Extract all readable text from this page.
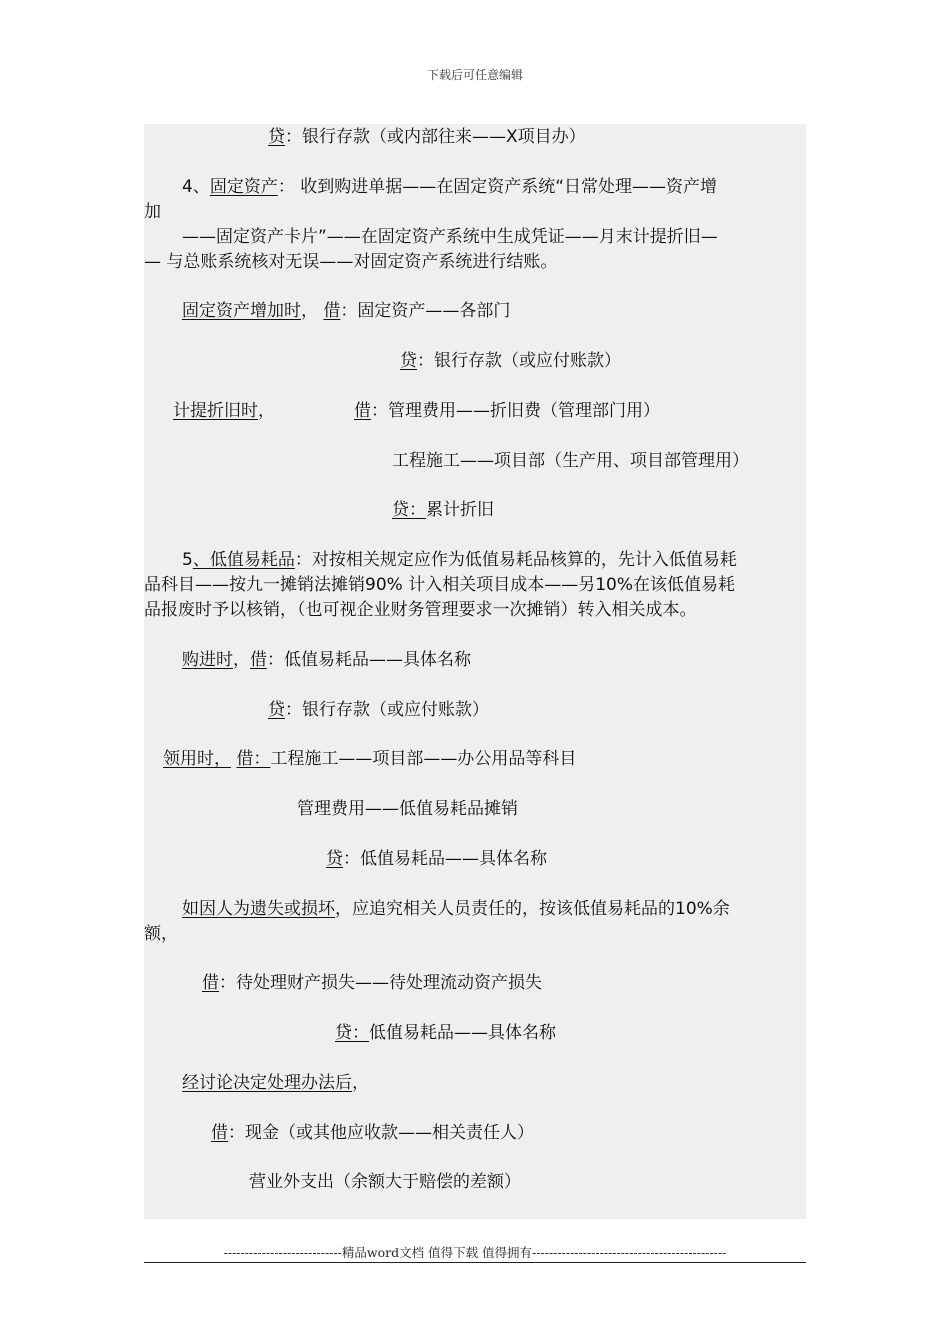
下载后可任意编辑
贷：银行存款（或内部往来——X项目办）
4、固定资产： 收到购进单据——在固定资产系统“日常处理——资产增
加
——固定资产卡片”——在固定资产系统中生成凭证——月末计提折旧—
— 与总账系统核对无误——对固定资产系统进行结账。
固定资产增加时， 借：固定资产——各部门
贷：银行存款（或应付账款）
计提折旧时，	借：管理费用——折旧费（管理部门用）
工程施工——项目部（生产用、项目部管理用）
贷：累计折旧
5、低值易耗品：对按相关规定应作为低值易耗品核算的，先计入低值易耗
品科目——按九一摊销法摊销90% 计入相关项目成本——另10%在该低值易耗
品报废时予以核销，（也可视企业财务管理要求一次摊销）转入相关成本。
购进时，借：低值易耗品——具体名称
贷：银行存款（或应付账款）
领用时， 借：工程施工——项目部——办公用品等科目
管理费用——低值易耗品摊销
贷：低值易耗品——具体名称
如因人为遗失或损坏，应追究相关人员责任的，按该低值易耗品的10%余
额，
借：待处理财产损失——待处理流动资产损失
贷：低值易耗品——具体名称
经讨论决定处理办法后，
借：现金（或其他应收款——相关责任人）
营业外支出（余额大于赔偿的差额）
----------------------------精品word文档 值得下载 值得拥有----------------------------------------------
